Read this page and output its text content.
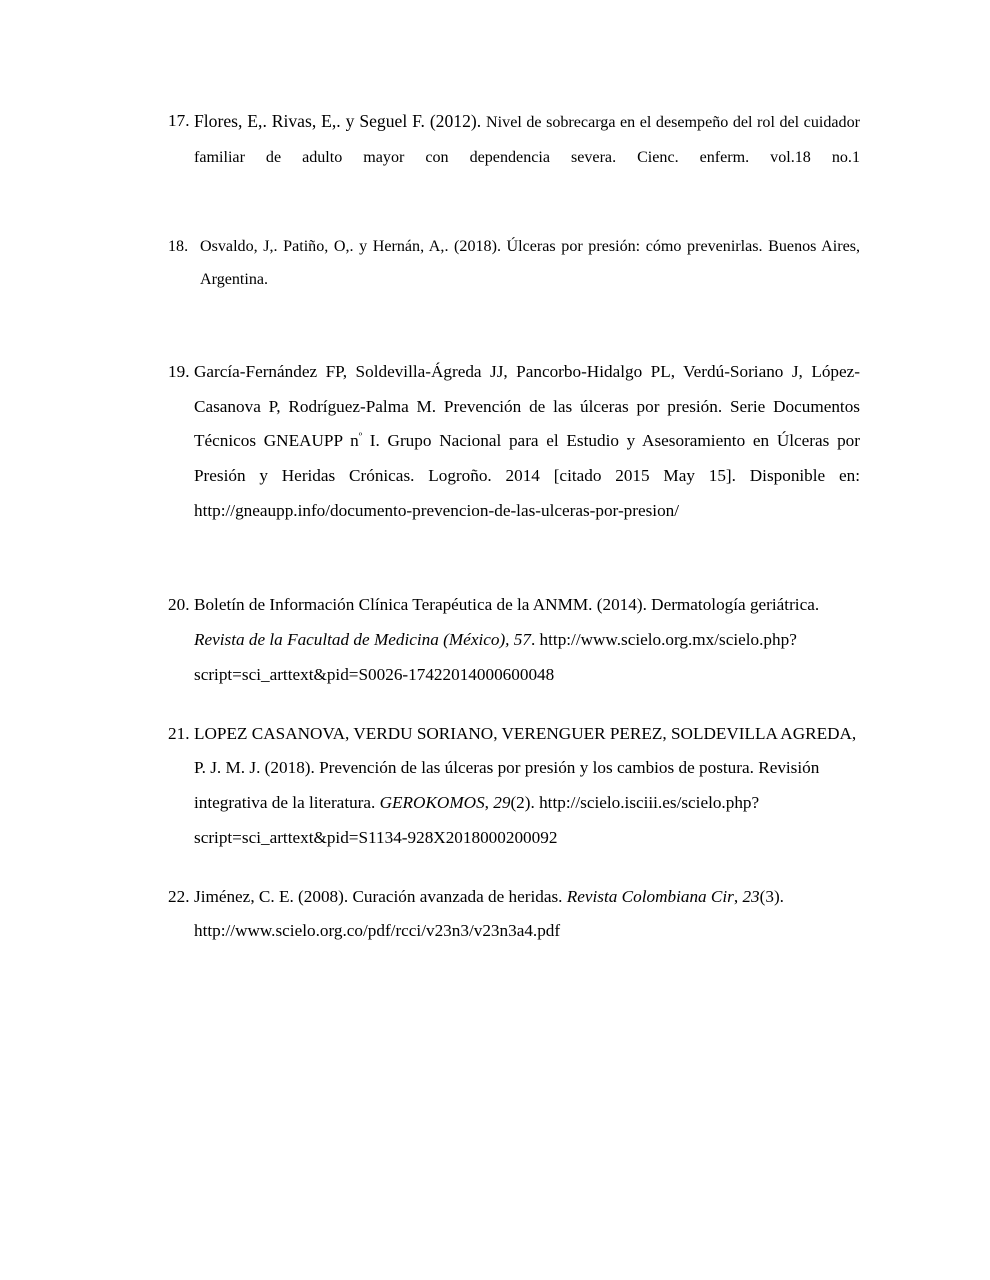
17. Flores, E,. Rivas, E,. y Seguel F. (2012). Nivel de sobrecarga en el desempeño del rol del cuidador familiar de adulto mayor con dependencia severa. Cienc. enferm. vol.18 no.1
18. Osvaldo, J,. Patiño, O,. y Hernán, A,. (2018). Úlceras por presión: cómo prevenirlas. Buenos Aires, Argentina.
19. García-Fernández FP, Soldevilla-Ágreda JJ, Pancorbo-Hidalgo PL, Verdú-Soriano J, López-Casanova P, Rodríguez-Palma M. Prevención de las úlceras por presión. Serie Documentos Técnicos GNEAUPP $n^º$ I. Grupo Nacional para el Estudio y Asesoramiento en Úlceras por Presión y Heridas Crónicas. Logroño. 2014 [citado 2015 May 15]. Disponible en: http://gneaupp.info/documento-prevencion-de-las-ulceras-por-presion/
20. Boletín de Información Clínica Terapéutica de la ANMM. (2014). Dermatología geriátrica. Revista de la Facultad de Medicina (México), 57. http://www.scielo.org.mx/scielo.php?script=sci_arttext&pid=S0026-17422014000600048
21. LOPEZ CASANOVA, VERDU SORIANO, VERENGUER PEREZ, SOLDEVILLA AGREDA, P. J. M. J. (2018). Prevención de las úlceras por presión y los cambios de postura. Revisión integrativa de la literatura. GEROKOMOS, 29(2). http://scielo.isciii.es/scielo.php?script=sci_arttext&pid=S1134-928X2018000200092
22. Jiménez, C. E. (2008). Curación avanzada de heridas. Revista Colombiana Cir, 23(3). http://www.scielo.org.co/pdf/rcci/v23n3/v23n3a4.pdf
